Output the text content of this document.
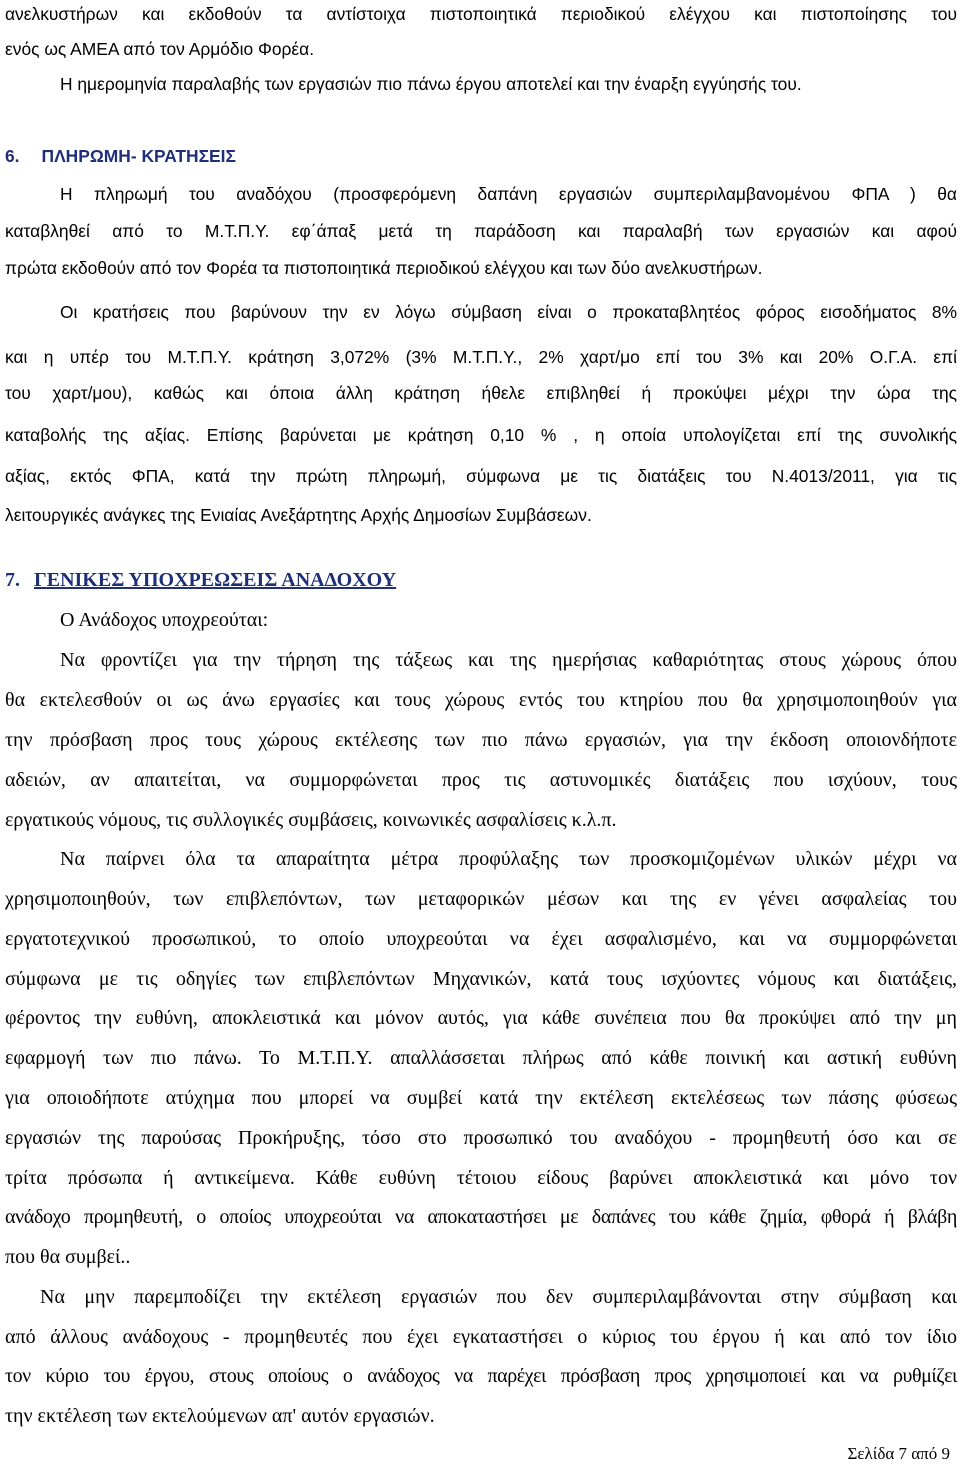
ανελκυστήρων και εκδοθούν τα αντίστοιχα πιστοποιητικά περιοδικού ελέγχου και πιστοποίησης του

ενός ως ΑΜΕΑ από τον Αρμόδιο Φορέα.

Η ημερομηνία παραλαβής των εργασιών πιο πάνω έργου αποτελεί και την έναρξη εγγύησής του.

6. ΠΛΗΡΩΜΗ- ΚΡΑΤΗΣΕΙΣ

Η πληρωμή του αναδόχου (προσφερόμενη δαπάνη εργασιών συμπεριλαμβανομένου ΦΠΑ ) θα

καταβληθεί από το Μ.Τ.Π.Υ. εφ΄άπαξ μετά τη παράδοση και παραλαβή των εργασιών και αφού

πρώτα εκδοθούν από τον Φορέα τα πιστοποιητικά περιοδικού ελέγχου και των δύο ανελκυστήρων.

Οι κρατήσεις που βαρύνουν την εν λόγω σύμβαση είναι ο προκαταβλητέος φόρος εισοδήματος 8%

και η υπέρ του Μ.Τ.Π.Υ. κράτηση 3,072% (3% Μ.Τ.Π.Υ., 2% χαρτ/μο επί του 3% και 20% Ο.Γ.Α. επί

του χαρτ/μου), καθώς και όποια άλλη κράτηση ήθελε επιβληθεί ή προκύψει μέχρι την ώρα της

καταβολής της αξίας. Επίσης βαρύνεται με κράτηση 0,10 % , η οποία υπολογίζεται επί της συνολικής

αξίας, εκτός ΦΠΑ, κατά την πρώτη πληρωμή, σύμφωνα με τις διατάξεις του Ν.4013/2011, για τις

λειτουργικές ανάγκες της Ενιαίας Ανεξάρτητης Αρχής Δημοσίων Συμβάσεων.

7. ΓΕΝΙΚΕΣ ΥΠΟΧΡΕΩΣΕΙΣ ΑΝΑΔΟΧΟΥ

Ο Ανάδοχος υποχρεούται:

Να φροντίζει για την τήρηση της τάξεως και της ημερήσιας καθαριότητας στους χώρους όπου

θα εκτελεσθούν οι ως άνω εργασίες και τους χώρους εντός του κτηρίου που θα χρησιμοποιηθούν για

την πρόσβαση προς τους χώρους εκτέλεσης των πιο πάνω εργασιών, για την έκδοση οποιονδήποτε

αδειών, αν απαιτείται, να συμμορφώνεται προς τις αστυνομικές διατάξεις που ισχύουν, τους

εργατικούς νόμους, τις συλλογικές συμβάσεις, κοινωνικές ασφαλίσεις κ.λ.π.

Να παίρνει όλα τα απαραίτητα μέτρα προφύλαξης των προσκομιζομένων υλικών μέχρι να

χρησιμοποιηθούν, των επιβλεπόντων, των μεταφορικών μέσων και της εν γένει ασφαλείας του

εργατοτεχνικού προσωπικού, το οποίο υποχρεούται να έχει ασφαλισμένο, και να συμμορφώνεται

σύμφωνα με τις οδηγίες των επιβλεπόντων Μηχανικών, κατά τους ισχύοντες νόμους και διατάξεις,

φέροντος την ευθύνη, αποκλειστικά και μόνον αυτός, για κάθε συνέπεια που θα προκύψει από την μη

εφαρμογή των πιο πάνω. Το Μ.Τ.Π.Υ. απαλλάσσεται πλήρως από κάθε ποινική και αστική ευθύνη

για οποιοδήποτε ατύχημα που μπορεί να συμβεί κατά την εκτέλεση εκτελέσεως των πάσης φύσεως

εργασιών της παρούσας Προκήρυξης, τόσο στο προσωπικό του αναδόχου - προμηθευτή όσο και σε

τρίτα πρόσωπα ή αντικείμενα. Κάθε ευθύνη τέτοιου είδους βαρύνει αποκλειστικά και μόνο τον

ανάδοχο προμηθευτή, ο οποίος υποχρεούται να αποκαταστήσει με δαπάνες του κάθε ζημία, φθορά ή βλάβη

που θα συμβεί..

Να μην παρεμποδίζει την εκτέλεση εργασιών που δεν συμπεριλαμβάνονται στην σύμβαση και

από άλλους ανάδοχους - προμηθευτές που έχει εγκαταστήσει ο κύριος του έργου ή και από τον ίδιο

τον κύριο του έργου, στους οποίους ο ανάδοχος να παρέχει πρόσβαση προς χρησιμοποιεί και να ρυθμίζει

την εκτέλεση των εκτελούμενων απ' αυτόν εργασιών.

Σελίδα 7 από 9
